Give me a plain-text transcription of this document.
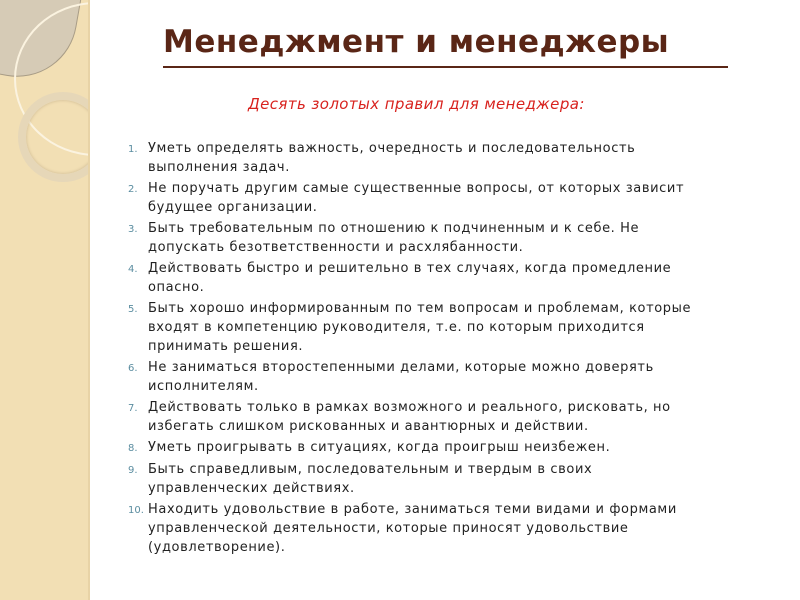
Менеджмент и менеджеры
Десять золотых правил для менеджера:
1. Уметь определять важность, очередность и последовательность
выполнения задач.
2. Не поручать другим самые существенные вопросы, от которых зависит
будущее организации.
3. Быть требовательным по отношению к подчиненным и к себе. Не
допускать безответственности и расхлябанности.
4. Действовать быстро и решительно в тех случаях, когда промедление
опасно.
5. Быть хорошо информированным по тем вопросам и проблемам, которые
входят в компетенцию руководителя, т.е. по которым приходится
принимать решения.
6. Не заниматься второстепенными делами, которые можно доверять
исполнителям.
7. Действовать только в рамках возможного и реального, рисковать, но
избегать слишком рискованных и авантюрных и действии.
8. Уметь проигрывать в ситуациях, когда проигрыш неизбежен.
9. Быть справедливым, последовательным и твердым в своих
управленческих действиях.
10. Находить удовольствие в работе, заниматься теми видами и формами
управленческой деятельности, которые приносят удовольствие
(удовлетворение).
